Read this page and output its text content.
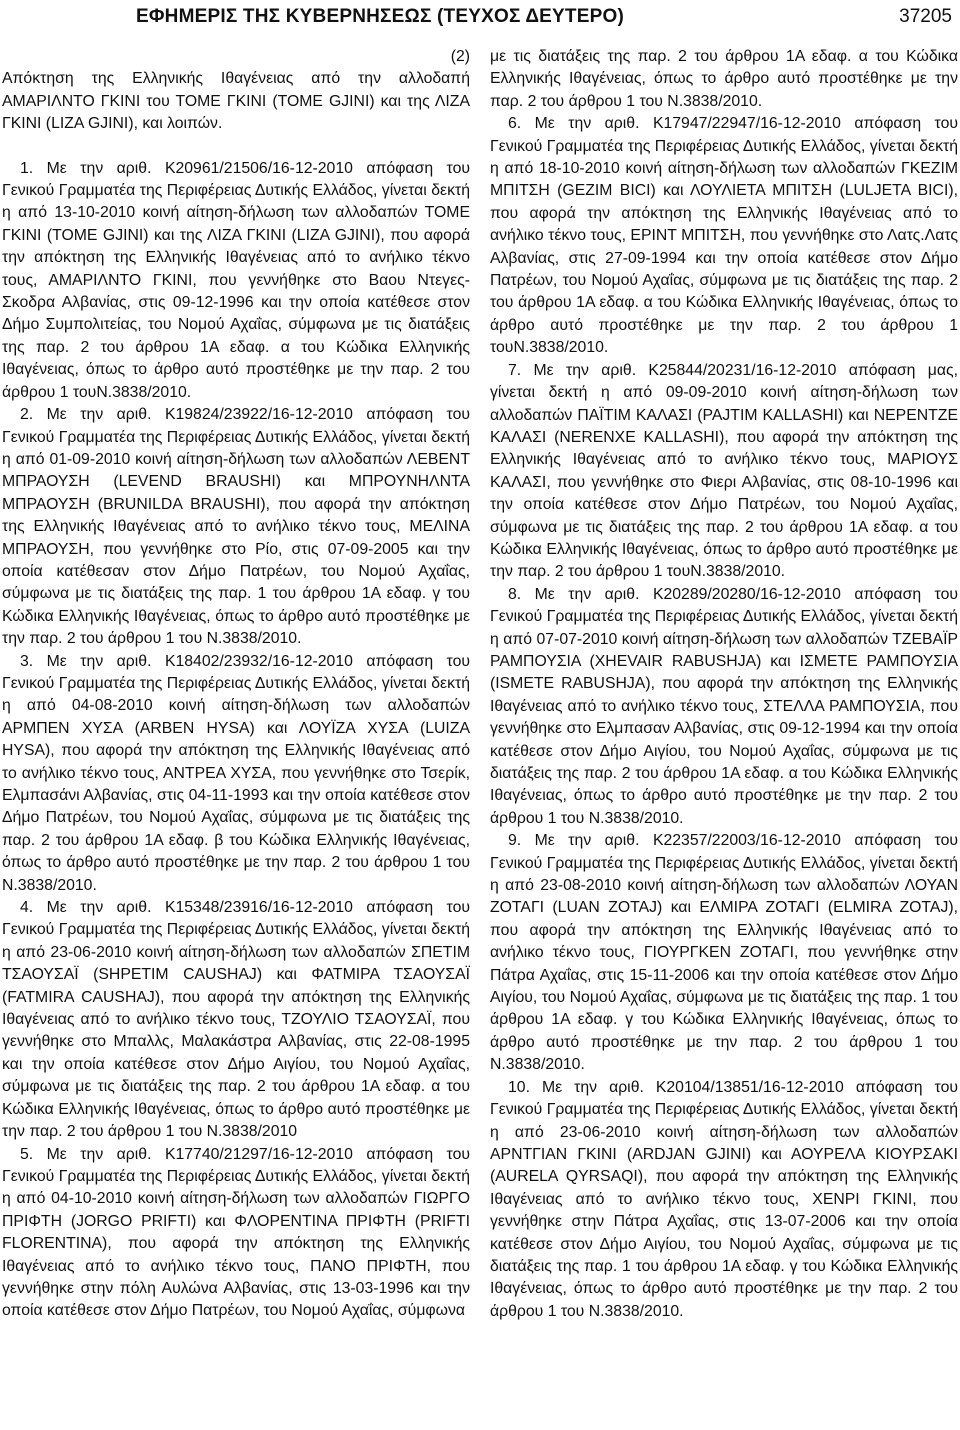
ΕΦΗΜΕΡΙΣ ΤΗΣ ΚΥΒΕΡΝΗΣΕΩΣ (ΤΕΥΧΟΣ ΔΕΥΤΕΡΟ)	37205

(2)

Απόκτηση της Ελληνικής Ιθαγένειας από την αλλοδαπή ΑΜΑΡΙΛΝΤΟ ΓΚΙΝΙ του ΤΟΜΕ ΓΚΙΝΙ (ΤΟΜΕ GJINI) και της ΛΙΖΑ ΓΚΙΝΙ (LIZA GJINI), και λοιπών.

1. Με την αριθ. Κ20961/21506/16-12-2010 απόφαση του Γενικού Γραμματέα της Περιφέρειας Δυτικής Ελλάδος, γίνεται δεκτή η από 13-10-2010 κοινή αίτηση-δήλωση των αλλοδαπών ΤΟΜΕ ΓΚΙΝΙ (ΤΟΜΕ GJINI) και της ΛΙΖΑ ΓΚΙΝΙ (LIZA GJINI), που αφορά την απόκτηση της Ελληνικής Ιθαγένειας από το ανήλικο τέκνο τους, ΑΜΑΡΙΛΝΤΟ ΓΚΙΝΙ, που γεννήθηκε στο Βαου Ντεγες-Σκοδρα Αλβανίας, στις 09-12-1996 και την οποία κατέθεσε στον Δήμο Συμπολιτείας, του Νομού Αχαΐας, σύμφωνα με τις διατάξεις της παρ. 2 του άρθρου 1Α εδαφ. α του Κώδικα Ελληνικής Ιθαγένειας, όπως το άρθρο αυτό προστέθηκε με την παρ. 2 του άρθρου 1 τουΝ.3838/2010.

2. Με την αριθ. Κ19824/23922/16-12-2010 απόφαση του Γενικού Γραμματέα της Περιφέρειας Δυτικής Ελλάδος, γίνεται δεκτή η από 01-09-2010 κοινή αίτηση-δήλωση των αλλοδαπών ΛΕΒΕΝΤ ΜΠΡΑΟΥΣΗ (LEVEND BRAUSHI) και ΜΠΡΟΥΝΗΛΝΤΑ ΜΠΡΑΟΥΣΗ (BRUNILDA BRAUSHI), που αφορά την απόκτηση της Ελληνικής Ιθαγένειας από το ανήλικο τέκνο τους, ΜΕΛΙΝΑ ΜΠΡΑΟΥΣΗ, που γεννήθηκε στο Ρίο, στις 07-09-2005 και την οποία κατέθεσαν στον Δήμο Πατρέων, του Νομού Αχαΐας, σύμφωνα με τις διατάξεις της παρ. 1 του άρθρου 1Α εδαφ. γ του Κώδικα Ελληνικής Ιθαγένειας, όπως το άρθρο αυτό προστέθηκε με την παρ. 2 του άρθρου 1 του Ν.3838/2010.

3. Με την αριθ. Κ18402/23932/16-12-2010 απόφαση του Γενικού Γραμματέα της Περιφέρειας Δυτικής Ελλάδος, γίνεται δεκτή η από 04-08-2010 κοινή αίτηση-δήλωση των αλλοδαπών ΑΡΜΠΕΝ ΧΥΣΑ (ARBEN HYSA) και ΛΟΥΪΖΑ ΧΥΣΑ (LUIZA HYSA), που αφορά την απόκτηση της Ελληνικής Ιθαγένειας από το ανήλικο τέκνο τους, ΑΝΤΡΕΑ ΧΥΣΑ, που γεννήθηκε στο Τσερίκ, Ελμπασάνι Αλβανίας, στις 04-11-1993 και την οποία κατέθεσε στον Δήμο Πατρέων, του Νομού Αχαΐας, σύμφωνα με τις διατάξεις της παρ. 2 του άρθρου 1Α εδαφ. β του Κώδικα Ελληνικής Ιθαγένειας, όπως το άρθρο αυτό προστέθηκε με την παρ. 2 του άρθρου 1 του Ν.3838/2010.

4. Με την αριθ. Κ15348/23916/16-12-2010 απόφαση του Γενικού Γραμματέα της Περιφέρειας Δυτικής Ελλάδος, γίνεται δεκτή η από 23-06-2010 κοινή αίτηση-δήλωση των αλλοδαπών ΣΠΕΤΙΜ ΤΣΑΟΥΣΑΪ (SHPETIM CAUSHAJ) και ΦΑΤΜΙΡΑ ΤΣΑΟΥΣΑΪ (FATMIRA CAUSHAJ), που αφορά την απόκτηση της Ελληνικής Ιθαγένειας από το ανήλικο τέκνο τους, ΤΖΟΥΛΙΟ ΤΣΑΟΥΣΑΪ, που γεννήθηκε στο Μπαλλς, Μαλακάστρα Αλβανίας, στις 22-08-1995 και την οποία κατέθεσε στον Δήμο Αιγίου, του Νομού Αχαΐας, σύμφωνα με τις διατάξεις της παρ. 2 του άρθρου 1Α εδαφ. α του Κώδικα Ελληνικής Ιθαγένειας, όπως το άρθρο αυτό προστέθηκε με την παρ. 2 του άρθρου 1 του Ν.3838/2010

5. Με την αριθ. Κ17740/21297/16-12-2010 απόφαση του Γενικού Γραμματέα της Περιφέρειας Δυτικής Ελλάδος, γίνεται δεκτή η από 04-10-2010 κοινή αίτηση-δήλωση των αλλοδαπών ΓΙΩΡΓΟ ΠΡΙΦΤΗ (JORGO PRIFTI) και ΦΛΟΡΕΝΤΙΝΑ ΠΡΙΦΤΗ (PRIFTI FLORENTINA), που αφορά την απόκτηση της Ελληνικής Ιθαγένειας από το ανήλικο τέκνο τους, ΠΑΝΟ ΠΡΙΦΤΗ, που γεννήθηκε στην πόλη Αυλώνα Αλβανίας, στις 13-03-1996 και την οποία κατέθεσε στον Δήμο Πατρέων, του Νομού Αχαΐας, σύμφωνα

με τις διατάξεις της παρ. 2 του άρθρου 1Α εδαφ. α του Κώδικα Ελληνικής Ιθαγένειας, όπως το άρθρο αυτό προστέθηκε με την παρ. 2 του άρθρου 1 του Ν.3838/2010.

6. Με την αριθ. Κ17947/22947/16-12-2010 απόφαση του Γενικού Γραμματέα της Περιφέρειας Δυτικής Ελλάδος, γίνεται δεκτή η από 18-10-2010 κοινή αίτηση-δήλωση των αλλοδαπών ΓΚΕΖΙΜ ΜΠΙΤΣΗ (GEZIM BICI) και ΛΟΥΛΙΕΤΑ ΜΠΙΤΣΗ (LULJETA BICI), που αφορά την απόκτηση της Ελληνικής Ιθαγένειας από το ανήλικο τέκνο τους, ΕΡΙΝΤ ΜΠΙΤΣΗ, που γεννήθηκε στο Λατς.Λατς Αλβανίας, στις 27-09-1994 και την οποία κατέθεσε στον Δήμο Πατρέων, του Νομού Αχαΐας, σύμφωνα με τις διατάξεις της παρ. 2 του άρθρου 1Α εδαφ. α του Κώδικα Ελληνικής Ιθαγένειας, όπως το άρθρο αυτό προστέθηκε με την παρ. 2 του άρθρου 1 τουΝ.3838/2010.

7. Με την αριθ. Κ25844/20231/16-12-2010 απόφαση μας, γίνεται δεκτή η από 09-09-2010 κοινή αίτηση-δήλωση των αλλοδαπών ΠΑΪΤΙΜ ΚΑΛΑΣΙ (PAJTIM KALLASHI) και ΝΕΡΕΝΤΖΕ ΚΑΛΑΣΙ (NERENXE KALLASHI), που αφορά την απόκτηση της Ελληνικής Ιθαγένειας από το ανήλικο τέκνο τους, ΜΑΡΙΟΥΣ ΚΑΛΑΣΙ, που γεννήθηκε στο Φιερι Αλβανίας, στις 08-10-1996 και την οποία κατέθεσε στον Δήμο Πατρέων, του Νομού Αχαΐας, σύμφωνα με τις διατάξεις της παρ. 2 του άρθρου 1Α εδαφ. α του Κώδικα Ελληνικής Ιθαγένειας, όπως το άρθρο αυτό προστέθηκε με την παρ. 2 του άρθρου 1 τουΝ.3838/2010.

8. Με την αριθ. Κ20289/20280/16-12-2010 απόφαση του Γενικού Γραμματέα της Περιφέρειας Δυτικής Ελλάδος, γίνεται δεκτή η από 07-07-2010 κοινή αίτηση-δήλωση των αλλοδαπών ΤΖΕΒΑΪΡ ΡΑΜΠΟΥΣΙΑ (XHEVAIR RABUSHJA) και ΙΣΜΕΤΕ ΡΑΜΠΟΥΣΙΑ (ISMETE RABUSHJA), που αφορά την απόκτηση της Ελληνικής Ιθαγένειας από το ανήλικο τέκνο τους, ΣΤΕΛΛΑ ΡΑΜΠΟΥΣΙΑ, που γεννήθηκε στο Ελμπασαν Αλβανίας, στις 09-12-1994 και την οποία κατέθεσε στον Δήμο Αιγίου, του Νομού Αχαΐας, σύμφωνα με τις διατάξεις της παρ. 2 του άρθρου 1Α εδαφ. α του Κώδικα Ελληνικής Ιθαγένειας, όπως το άρθρο αυτό προστέθηκε με την παρ. 2 του άρθρου 1 του Ν.3838/2010.

9. Με την αριθ. Κ22357/22003/16-12-2010 απόφαση του Γενικού Γραμματέα της Περιφέρειας Δυτικής Ελλάδος, γίνεται δεκτή η από 23-08-2010 κοινή αίτηση-δήλωση των αλλοδαπών ΛΟΥΑΝ ΖΟΤΑΓΙ (LUAN ZOTAJ) και ΕΛΜΙΡΑ ΖΟΤΑΓΙ (ELMIRA ZOTAJ), που αφορά την απόκτηση της Ελληνικής Ιθαγένειας από το ανήλικο τέκνο τους, ΓΙΟΥΡΓΚΕΝ ΖΟΤΑΓΙ, που γεννήθηκε στην Πάτρα Αχαΐας, στις 15-11-2006 και την οποία κατέθεσε στον Δήμο Αιγίου, του Νομού Αχαΐας, σύμφωνα με τις διατάξεις της παρ. 1 του άρθρου 1Α εδαφ. γ του Κώδικα Ελληνικής Ιθαγένειας, όπως το άρθρο αυτό προστέθηκε με την παρ. 2 του άρθρου 1 του Ν.3838/2010.

10. Με την αριθ. Κ20104/13851/16-12-2010 απόφαση του Γενικού Γραμματέα της Περιφέρειας Δυτικής Ελλάδος, γίνεται δεκτή η από 23-06-2010 κοινή αίτηση-δήλωση των αλλοδαπών ΑΡΝΤΓΙΑΝ ΓΚΙΝΙ (ARDJAN GJINI) και ΑΟΥΡΕΛΑ ΚΙΟΥΡΣΑΚΙ (AURELA QYRSAQI), που αφορά την απόκτηση της Ελληνικής Ιθαγένειας από το ανήλικο τέκνο τους, ΧΕΝΡΙ ΓΚΙΝΙ, που γεννήθηκε στην Πάτρα Αχαΐας, στις 13-07-2006 και την οποία κατέθεσε στον Δήμο Αιγίου, του Νομού Αχαΐας, σύμφωνα με τις διατάξεις της παρ. 1 του άρθρου 1Α εδαφ. γ του Κώδικα Ελληνικής Ιθαγένειας, όπως το άρθρο αυτό προστέθηκε με την παρ. 2 του άρθρου 1 του Ν.3838/2010.
